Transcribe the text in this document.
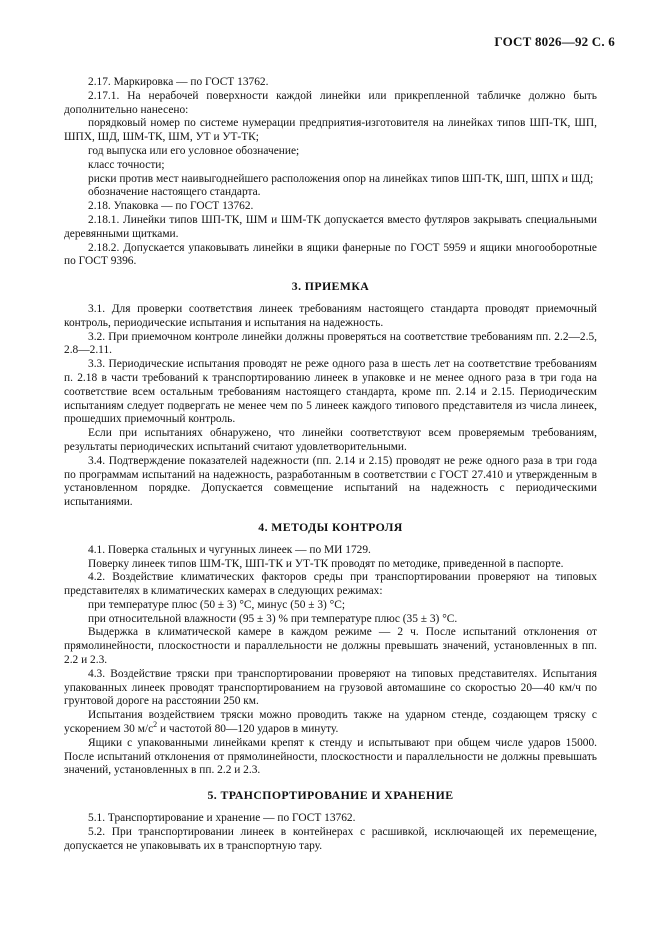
ГОСТ 8026—92 С. 6

2.17. Маркировка — по ГОСТ 13762.

2.17.1. На нерабочей поверхности каждой линейки или прикрепленной табличке должно быть дополнительно нанесено:

порядковый номер по системе нумерации предприятия-изготовителя на линейках типов ШП-ТК, ШП, ШПХ, ШД, ШМ-ТК, ШМ, УТ и УТ-ТК;

год выпуска или его условное обозначение;

класс точности;

риски против мест наивыгоднейшего расположения опор на линейках типов ШП-ТК, ШП, ШПХ и ШД;

обозначение настоящего стандарта.

2.18. Упаковка — по ГОСТ 13762.

2.18.1. Линейки типов ШП-ТК, ШМ и ШМ-ТК допускается вместо футляров закрывать специальными деревянными щитками.

2.18.2. Допускается упаковывать линейки в ящики фанерные по ГОСТ 5959 и ящики многооборотные по ГОСТ 9396.

3. ПРИЕМКА

3.1. Для проверки соответствия линеек требованиям настоящего стандарта проводят приемочный контроль, периодические испытания и испытания на надежность.

3.2. При приемочном контроле линейки должны проверяться на соответствие требованиям пп. 2.2—2.5, 2.8—2.11.

3.3. Периодические испытания проводят не реже одного раза в шесть лет на соответствие требованиям п. 2.18 в части требований к транспортированию линеек в упаковке и не менее одного раза в три года на соответствие всем остальным требованиям настоящего стандарта, кроме пп. 2.14 и 2.15. Периодическим испытаниям следует подвергать не менее чем по 5 линеек каждого типового представителя из числа линеек, прошедших приемочный контроль.

Если при испытаниях обнаружено, что линейки соответствуют всем проверяемым требованиям, результаты периодических испытаний считают удовлетворительными.

3.4. Подтверждение показателей надежности (пп. 2.14 и 2.15) проводят не реже одного раза в три года по программам испытаний на надежность, разработанным в соответствии с ГОСТ 27.410 и утвержденным в установленном порядке. Допускается совмещение испытаний на надежность с периодическими испытаниями.

4. МЕТОДЫ КОНТРОЛЯ

4.1. Поверка стальных и чугунных линеек — по МИ 1729.

Поверку линеек типов ШМ-ТК, ШП-ТК и УТ-ТК проводят по методике, приведенной в паспорте.

4.2. Воздействие климатических факторов среды при транспортировании проверяют на типовых представителях в климатических камерах в следующих режимах:

при температуре плюс (50 ± 3) °С, минус (50 ± 3) °С;

при относительной влажности (95 ± 3) % при температуре плюс (35 ± 3) °С.

Выдержка в климатической камере в каждом режиме — 2 ч. После испытаний отклонения от прямолинейности, плоскостности и параллельности не должны превышать значений, установленных в пп. 2.2 и 2.3.

4.3. Воздействие тряски при транспортировании проверяют на типовых представителях. Испытания упакованных линеек проводят транспортированием на грузовой автомашине со скоростью 20—40 км/ч по грунтовой дороге на расстоянии 250 км.

Испытания воздействием тряски можно проводить также на ударном стенде, создающем тряску с ускорением 30 $м/с^2$ и частотой 80—120 ударов в минуту.

Ящики с упакованными линейками крепят к стенду и испытывают при общем числе ударов 15000. После испытаний отклонения от прямолинейности, плоскостности и параллельности не должны превышать значений, установленных в пп. 2.2 и 2.3.

5. ТРАНСПОРТИРОВАНИЕ И ХРАНЕНИЕ

5.1. Транспортирование и хранение — по ГОСТ 13762.

5.2. При транспортировании линеек в контейнерах с расшивкой, исключающей их перемещение, допускается не упаковывать их в транспортную тару.
